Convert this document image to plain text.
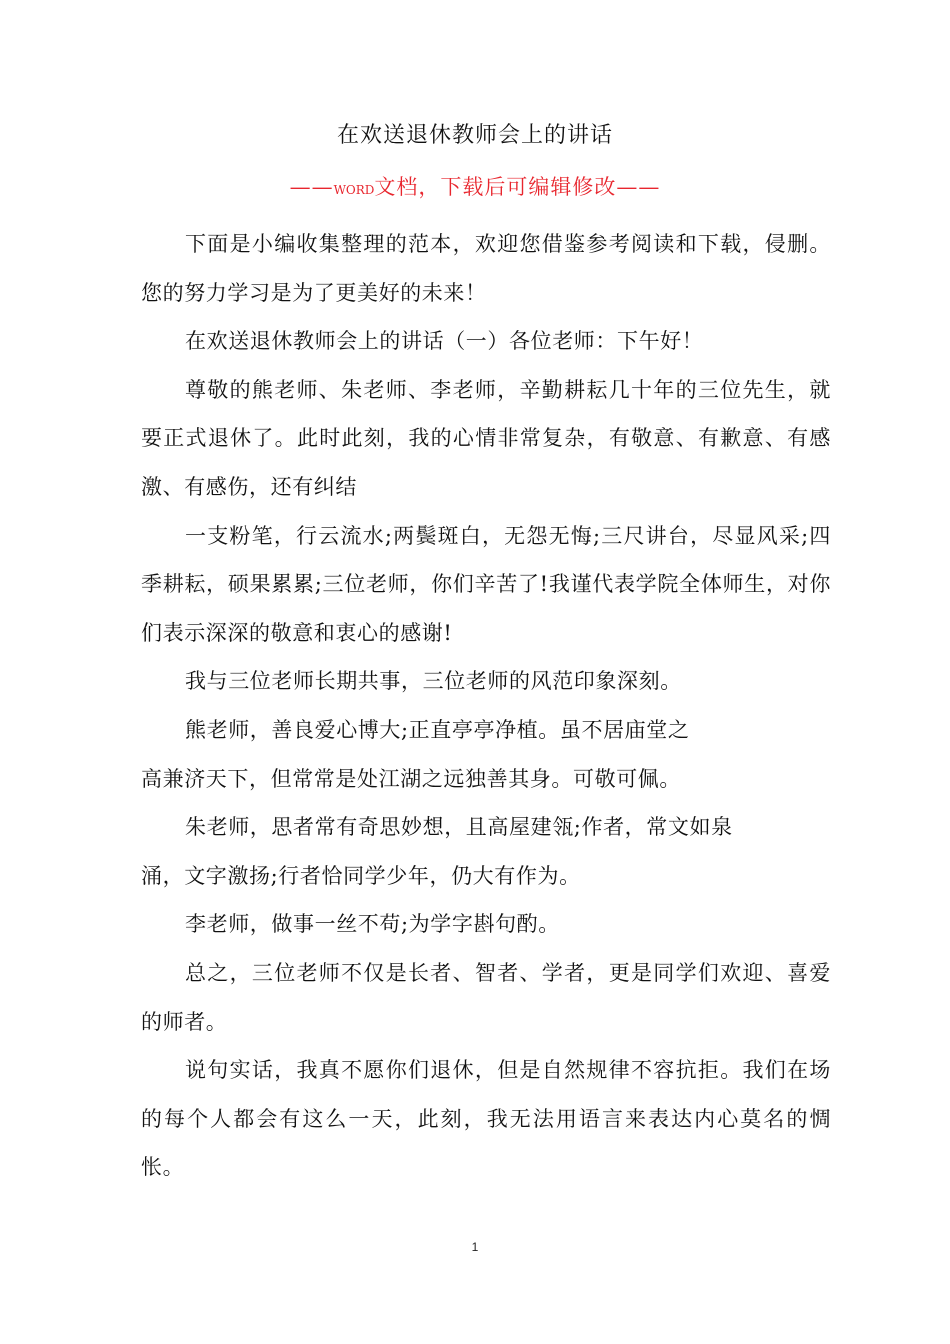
在欢送退休教师会上的讲话
——WORD文档，下载后可编辑修改——

下面是小编收集整理的范本，欢迎您借鉴参考阅读和下载，侵删。您的努力学习是为了更美好的未来！

在欢送退休教师会上的讲话（一）各位老师：下午好！

尊敬的熊老师、朱老师、李老师，辛勤耕耘几十年的三位先生，就要正式退休了。此时此刻，我的心情非常复杂，有敬意、有歉意、有感激、有感伤，还有纠结

一支粉笔，行云流水;两鬓斑白，无怨无悔;三尺讲台，尽显风采;四季耕耘，硕果累累;三位老师，你们辛苦了!我谨代表学院全体师生，对你们表示深深的敬意和衷心的感谢!

我与三位老师长期共事，三位老师的风范印象深刻。

熊老师，善良爱心博大;正直亭亭净植。虽不居庙堂之

高兼济天下，但常常是处江湖之远独善其身。可敬可佩。

朱老师，思者常有奇思妙想，且高屋建瓴;作者，常文如泉

涌，文字激扬;行者恰同学少年，仍大有作为。

李老师，做事一丝不苟;为学字斟句酌。

总之，三位老师不仅是长者、智者、学者，更是同学们欢迎、喜爱的师者。

说句实话，我真不愿你们退休，但是自然规律不容抗拒。我们在场的每个人都会有这么一天，此刻，我无法用语言来表达内心莫名的惆怅。

1
